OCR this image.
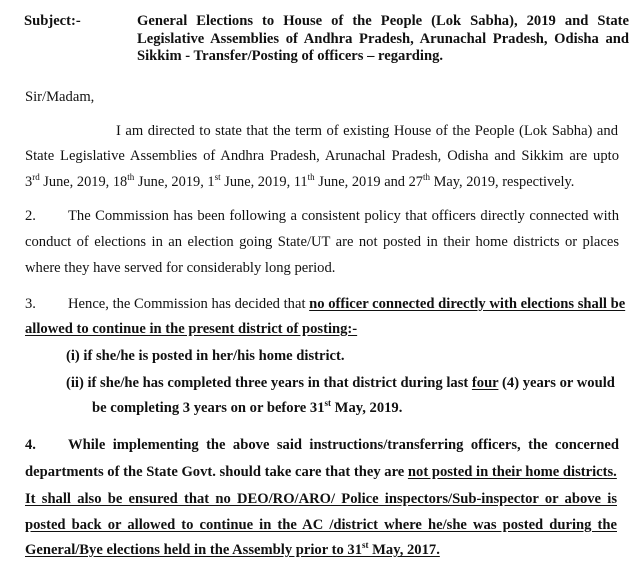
Subject:-	General Elections to House of the People (Lok Sabha), 2019 and State Legislative Assemblies of Andhra Pradesh, Arunachal Pradesh, Odisha and Sikkim - Transfer/Posting of officers – regarding.
Sir/Madam,
I am directed to state that the term of existing House of the People (Lok Sabha) and
State Legislative Assemblies of Andhra Pradesh, Arunachal Pradesh, Odisha and Sikkim are upto
3rd June, 2019, 18th June, 2019, 1st June, 2019, 11th June, 2019 and 27th May, 2019, respectively.
2. The Commission has been following a consistent policy that officers directly connected with
conduct of elections in an election going State/UT are not posted in their home districts or places
where they have served for considerably long period.
3. Hence, the Commission has decided that no officer connected directly with elections shall be
allowed to continue in the present district of posting:-
(i) if she/he is posted in her/his home district.
(ii) if she/he has completed three years in that district during last four (4) years or would
be completing 3 years on or before 31st May, 2019.
4. While implementing the above said instructions/transferring officers, the concerned
departments of the State Govt. should take care that they are not posted in their home districts.
It shall also be ensured that no DEO/RO/ARO/ Police inspectors/Sub-inspector or above is
posted back or allowed to continue in the AC /district where he/she was posted during the
General/Bye elections held in the Assembly prior to 31st May, 2017.
